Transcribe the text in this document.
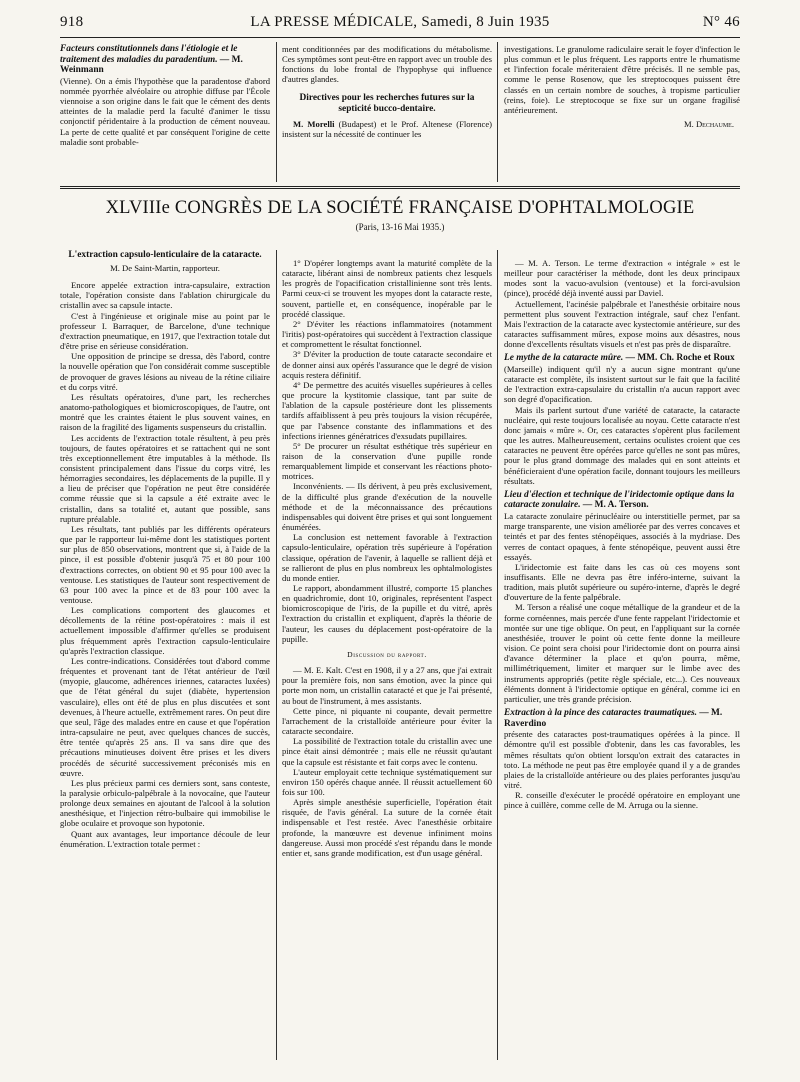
918	LA PRESSE MÉDICALE, Samedi, 8 Juin 1935	N° 46
Facteurs constitutionnels dans l'étiologie et le traitement des maladies du paradentium. — M. Weinmann

(Vienne). On a émis l'hypothèse que la paradentose d'abord nommée pyorrhée alvéolaire ou atrophie diffuse par l'École viennoise a son origine dans le fait que le cément des dents atteintes de la maladie perd la faculté d'animer le tissu conjonctif péridentaire à la production de cément nouveau. La perte de cette qualité et par conséquent l'origine de cette maladie sont probable-

ment conditionnées par des modifications du métabolisme. Ces symptômes sont peut-être en rapport avec un trouble des fonctions du lobe frontal de l'hypophyse qui influence d'autres glandes.

Directives pour les recherches futures sur la septicité bucco-dentaire.

M. Morelli (Budapest) et le Prof. Altenese (Florence) insistent sur la nécessité de continuer les

investigations. Le granulome radiculaire serait le foyer d'infection le plus commun et le plus fréquent. Les rapports entre le rhumatisme et l'infection focale mériteraient d'être précisés. Il ne semble pas, comme le pense Rosenow, que les streptocoques puissent être classés en un certain nombre de souches, à tropisme particulier (reins, foie). Le streptocoque se fixe sur un organe fragilisé antérieurement.

M. Dechaume.
XLVIIIe CONGRÈS DE LA SOCIÉTÉ FRANÇAISE D'OPHTALMOLOGIE
(Paris, 13-16 Mai 1935.)
L'extraction capsulo-lenticulaire de la cataracte.
M. De Saint-Martin, rapporteur.

Encore appelée extraction intra-capsulaire, extraction totale, l'opération consiste dans l'ablation chirurgicale du cristallin avec sa capsule intacte.

C'est à l'ingénieuse et originale mise au point par le professeur I. Barraquer, de Barcelone, d'une technique d'extraction pneumatique, en 1917, que l'extraction totale dut d'être prise en sérieuse considération.

Une opposition de principe se dressa, dès l'abord, contre la nouvelle opération que l'on considérait comme susceptible de provoquer de graves lésions au niveau de la rétine ciliaire et du corps vitré.

Les résultats opératoires, d'une part, les recherches anatomo-pathologiques et biomicroscopiques, de l'autre, ont montré que les craintes étaient le plus souvent vaines, en raison de la fragilité des ligaments suspenseurs du cristallin.

Les accidents de l'extraction totale résultent, à peu près toujours, de fautes opératoires et se rattachent qui ne sont très exceptionnellement être imputables à la méthode. Ils consistent principalement dans l'issue du corps vitré, les hémorragies secondaires, les déplacements de la pupille. Il y a lieu de préciser que l'opération ne peut être considérée comme réussie que si la capsule a été extraite avec le cristallin, dans sa totalité et, autant que possible, sans rupture préalable.

Les résultats, tant publiés par les différents opérateurs que par le rapporteur lui-même dont les statistiques portent sur plus de 850 observations, montrent que si, à l'aide de la pince, il est possible d'obtenir jusqu'à 75 et 80 pour 100 d'extractions correctes, on obtient 90 et 95 pour 100 avec la ventouse. Les statistiques de l'auteur sont respectivement de 63 pour 100 avec la pince et de 83 pour 100 avec la ventouse.

Les complications comportent des glaucomes et décollements de la rétine post-opératoires : mais il est actuellement impossible d'affirmer qu'elles se produisent plus fréquemment après l'extraction capsulo-lenticulaire qu'après l'extraction classique.

Les contre-indications. Considérées tout d'abord comme fréquentes et provenant tant de l'état antérieur de l'œil (myopie, glaucome, adhérences iriennes, cataractes luxées) que de l'état général du sujet (diabète, hypertension vasculaire), elles ont été de plus en plus discutées et sont devenues, à l'heure actuelle, extrêmement rares. On peut dire que seul, l'âge des malades entre en cause et que l'opération intra-capsulaire ne peut, avec quelques chances de succès, être tentée qu'après 25 ans. Il va sans dire que des précautions minutieuses doivent être prises et les divers procédés de sécurité successivement préconisés mis en œuvre.

Les plus précieux parmi ces derniers sont, sans conteste, la paralysie orbiculo-palpébrale à la novocaïne, que l'auteur prolonge deux semaines en ajoutant de l'alcool à la solution anesthésique, et l'injection rétro-bulbaire qui immobilise le globe oculaire et provoque son hypotonie.

Quant aux avantages, leur importance découle de leur énumération. L'extraction totale permet :

1° D'opérer longtemps avant la maturité complète de la cataracte, libérant ainsi de nombreux patients chez lesquels les progrès de l'opacification cristallinienne sont très lents. Parmi ceux-ci se trouvent les myopes dont la cataracte reste, souvent, partielle et, en conséquence, inopérable par le procédé classique.

2° D'éviter les réactions inflammatoires (notamment l'iritis) post-opératoires qui succèdent à l'extraction classique et compromettent le résultat fonctionnel.

3° D'éviter la production de toute cataracte secondaire et de donner ainsi aux opérés l'assurance que le degré de vision acquis restera définitif.

4° De permettre des acuités visuelles supérieures à celles que procure la kystitomie classique, tant par suite de l'ablation de la capsule postérieure dont les plissements tardifs affaiblissent à peu près toujours la vision récupérée, que par l'absence constante des inflammations et des infections iriennes génératrices d'exsudats pupillaires.

5° De procurer un résultat esthétique très supérieur en raison de la conservation d'une pupille ronde remarquablement limpide et conservant les réactions photo-motrices.

Inconvénients. — Ils dérivent, à peu près exclusivement, de la difficulté plus grande d'exécution de la nouvelle méthode et de la méconnaissance des précautions indispensables qui doivent être prises et qui sont longuement énumérées.

La conclusion est nettement favorable à l'extraction capsulo-lenticulaire, opération très supérieure à l'opération classique, opération de l'avenir, à laquelle se rallient déjà et se rallieront de plus en plus nombreux les ophtalmologistes du monde entier.

Le rapport, abondamment illustré, comporte 15 planches en quadrichromie, dont 10, originales, représentent l'aspect biomicroscopique de l'iris, de la pupille et du vitré, après l'extraction du cristallin et expliquent, d'après la théorie de l'auteur, les causes du déplacement post-opératoire de la pupille.

Discussion du rapport.

— M. E. Kalt. C'est en 1908, il y a 27 ans, que j'ai extrait pour la première fois, non sans émotion, avec la pince qui porte mon nom, un cristallin cataracté et que je l'ai présenté, au bout de l'instrument, à mes assistants.

Cette pince, ni piquante ni coupante, devait permettre l'arrachement de la cristalloïde antérieure pour éviter la cataracte secondaire.

La possibilité de l'extraction totale du cristallin avec une pince était ainsi démontrée ; mais elle ne réussit qu'autant que la capsule est résistante et fait corps avec le contenu.

L'auteur employait cette technique systématiquement sur environ 150 opérés chaque année. Il réussit actuellement 60 fois sur 100.

Après simple anesthésie superficielle, l'opération était risquée, de l'avis général. La suture de la cornée était indispensable et l'est restée. Avec l'anesthésie orbitaire profonde, la manœuvre est devenue infiniment moins dangereuse. Aussi mon procédé s'est répandu dans le monde entier et, sans grande modification, est d'un usage général.

— M. A. Terson. Le terme d'extraction « intégrale » est le meilleur pour caractériser la méthode, dont les deux principaux modes sont la vacuo-avulsion (ventouse) et la forci-avulsion (pince), procédé déjà inventé aussi par Daviel.

Actuellement, l'acinésie palpébrale et l'anesthésie orbitaire nous permettent plus souvent l'extraction intégrale, sauf chez l'enfant. Mais l'extraction de la cataracte avec kystectomie antérieure, sur des cataractes suffisamment mûres, expose moins aux désastres, nous donne d'excellents résultats visuels et n'est pas près de disparaître.

Le mythe de la cataracte mûre. — MM. Ch. Roche et Roux

(Marseille) indiquent qu'il n'y a aucun signe montrant qu'une cataracte est complète, ils insistent surtout sur le fait que la facilité de l'extraction extra-capsulaire du cristallin n'a aucun rapport avec son degré d'opacification.

Mais ils parlent surtout d'une variété de cataracte, la cataracte nucléaire, qui reste toujours localisée au noyau. Cette cataracte n'est donc jamais « mûre ». Or, ces cataractes s'opèrent plus facilement que les autres. Malheureusement, certains oculistes croient que ces cataractes ne peuvent être opérées parce qu'elles ne sont pas mûres, pour le plus grand dommage des malades qui en sont atteints et bénéficieraient d'une opération facile, donnant toujours les meilleurs résultats.

Lieu d'élection et technique de l'iridectomie optique dans la cataracte zonulaire. — M. A. Terson.

La cataracte zonulaire périnucléaire ou interstitielle permet, par sa marge transparente, une vision améliorée par des verres concaves et teintés et par des fentes sténopéiques, associés à la mydriase. Des verres de contact opaques, à fente sténopéique, peuvent aussi être essayés.

L'iridectomie est faite dans les cas où ces moyens sont insuffisants. Elle ne devra pas être inféro-interne, suivant la tradition, mais plutôt supérieure ou supéro-interne, d'après le degré d'ouverture de la fente palpébrale.

M. Terson a réalisé une coque métallique de la grandeur et de la forme cornéennes, mais percée d'une fente rappelant l'iridectomie et montée sur une tige oblique. On peut, en l'appliquant sur la cornée anesthésiée, trouver le point où cette fente donne la meilleure vision. Ce point sera choisi pour l'iridectomie dont on pourra ainsi d'avance déterminer la place et qu'on pourra, même, millimétriquement, limiter et marquer sur le limbe avec des instruments appropriés (petite règle spéciale, etc...). Ces nouveaux éléments donnent à l'iridectomie optique en général, comme ici en particulier, une très grande précision.

Extraction à la pince des cataractes traumatiques. — M. Raverdino

présente des cataractes post-traumatiques opérées à la pince. Il démontre qu'il est possible d'obtenir, dans les cas favorables, les mêmes résultats qu'on obtient lorsqu'on extrait des cataractes in toto. La méthode ne peut pas être employée quand il y a de grandes plaies de la cristalloïde antérieure ou des plaies perforantes jusqu'au vitré.

R. conseille d'exécuter le procédé opératoire en employant une pince à cuillère, comme celle de M. Arruga ou la sienne.
